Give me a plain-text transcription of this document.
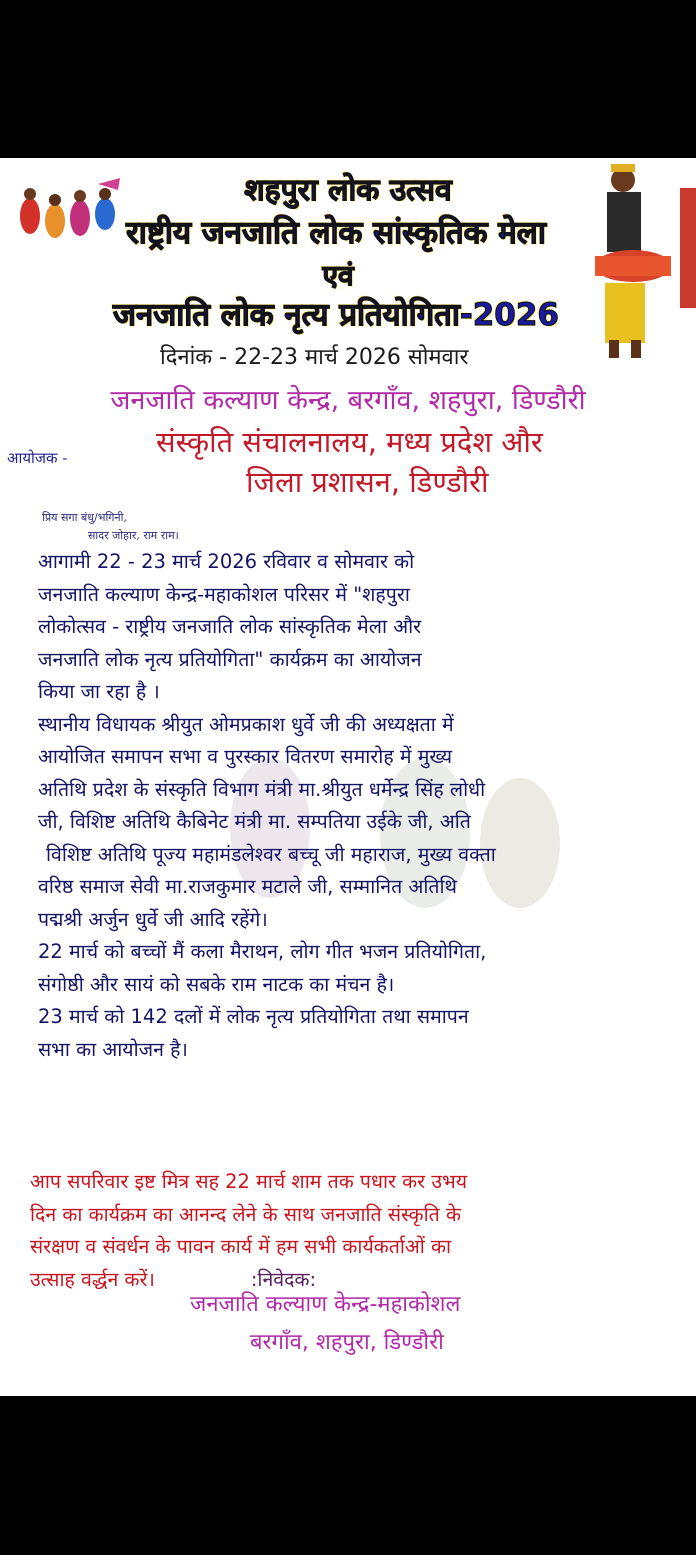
शहपुरा लोक उत्सव
राष्ट्रीय जनजाति लोक सांस्कृतिक मेला
एवं
जनजाति लोक नृत्य प्रतियोगिता-2026
दिनांक - 22-23 मार्च 2026 सोमवार
जनजाति कल्याण केन्द्र, बरगाँव, शहपुरा, डिण्डौरी
आयोजक -	संस्कृति संचालनालय, मध्य प्रदेश और
जिला प्रशासन, डिण्डौरी
प्रिय सगा बंधु/भगिनी,
सादर जोहार, राम राम।

आगामी 22 - 23 मार्च 2026 रविवार व सोमवार को

जनजाति कल्याण केन्द्र-महाकोशल परिसर में "शहपुरा

लोकोत्सव - राष्ट्रीय जनजाति लोक सांस्कृतिक मेला और

जनजाति लोक नृत्य प्रतियोगिता" कार्यक्रम का आयोजन

किया जा रहा है ।

स्थानीय विधायक श्रीयुत ओमप्रकाश धुर्वे जी की अध्यक्षता में

आयोजित समापन सभा व पुरस्कार वितरण समारोह में मुख्य

अतिथि प्रदेश के संस्कृति विभाग मंत्री मा.श्रीयुत धर्मेन्द्र सिंह लोधी

जी, विशिष्ट अतिथि कैबिनेट मंत्री मा. सम्पतिया उईके जी, अति

विशिष्ट अतिथि पूज्य महामंडलेश्वर बच्चू जी महाराज, मुख्य वक्ता

वरिष्ठ समाज सेवी मा.राजकुमार मटाले जी, सम्मानित अतिथि

पद्मश्री अर्जुन धुर्वे जी आदि रहेंगे।

22 मार्च को बच्चों मैं कला मैराथन, लोग गीत भजन प्रतियोगिता,

संगोष्ठी और सायं को सबके राम नाटक का मंचन है।

23 मार्च को 142 दलों में लोक नृत्य प्रतियोगिता तथा समापन

सभा का आयोजन है।

आप सपरिवार इष्ट मित्र सह 22 मार्च शाम तक पधार कर उभय

दिन का कार्यक्रम का आनन्द लेने के साथ जनजाति संस्कृति के

संरक्षण व संवर्धन के पावन कार्य में हम सभी कार्यकर्ताओं का

उत्साह वर्द्धन करें।	:निवेदक:

जनजाति कल्याण केन्द्र-महाकोशल
बरगाँव, शहपुरा, डिण्डौरी
